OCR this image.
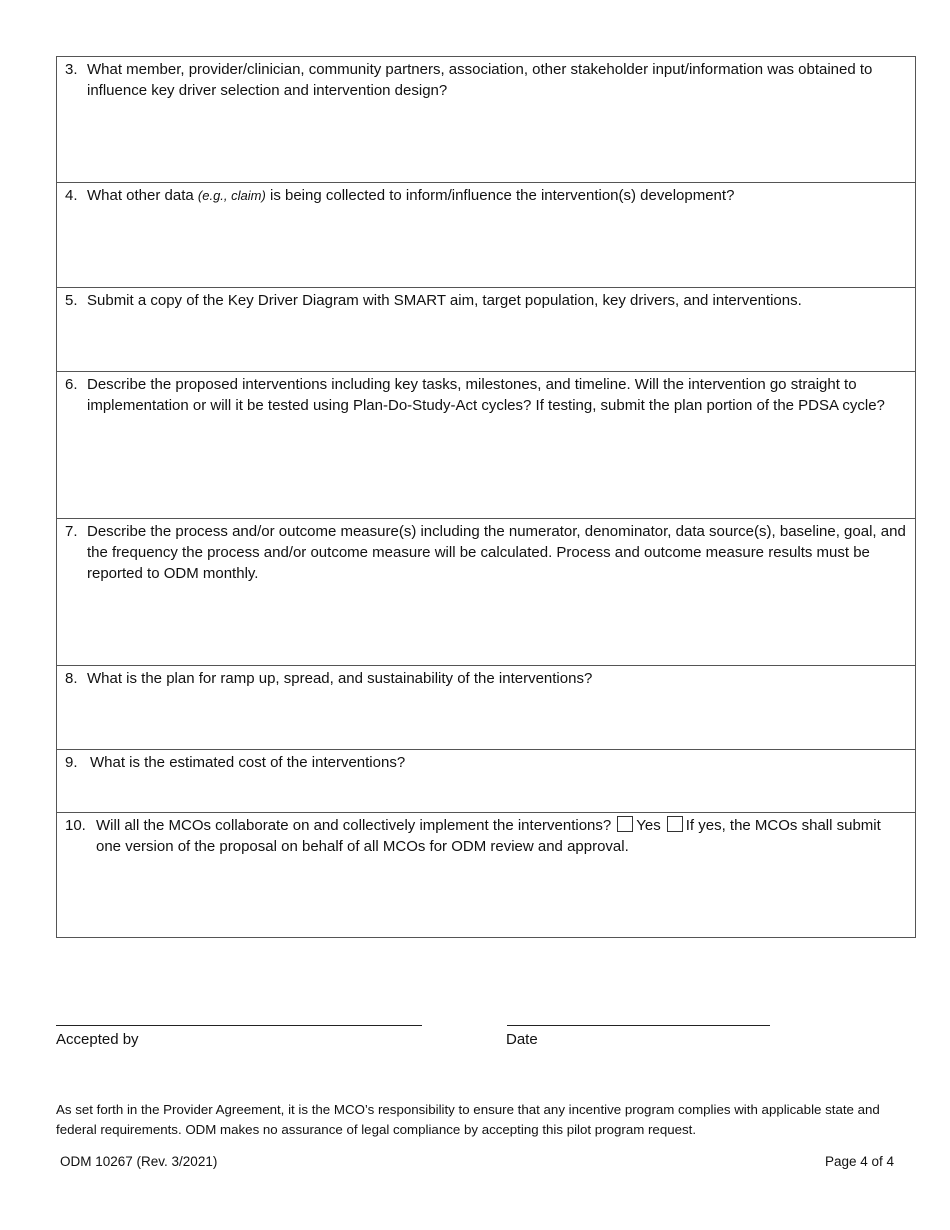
3. What member, provider/clinician, community partners, association, other stakeholder input/information was obtained to influence key driver selection and intervention design?
4. What other data (e.g., claim) is being collected to inform/influence the intervention(s) development?
5. Submit a copy of the Key Driver Diagram with SMART aim, target population, key drivers, and interventions.
6. Describe the proposed interventions including key tasks, milestones, and timeline. Will the intervention go straight to implementation or will it be tested using Plan-Do-Study-Act cycles? If testing, submit the plan portion of the PDSA cycle?
7. Describe the process and/or outcome measure(s) including the numerator, denominator, data source(s), baseline, goal, and the frequency the process and/or outcome measure will be calculated. Process and outcome measure results must be reported to ODM monthly.
8. What is the plan for ramp up, spread, and sustainability of the interventions?
9. What is the estimated cost of the interventions?
10. Will all the MCOs collaborate on and collectively implement the interventions? Yes If yes, the MCOs shall submit one version of the proposal on behalf of all MCOs for ODM review and approval.
Accepted by	Date
As set forth in the Provider Agreement, it is the MCO’s responsibility to ensure that any incentive program complies with applicable state and federal requirements. ODM makes no assurance of legal compliance by accepting this pilot program request.
ODM 10267 (Rev. 3/2021)	Page 4 of 4
